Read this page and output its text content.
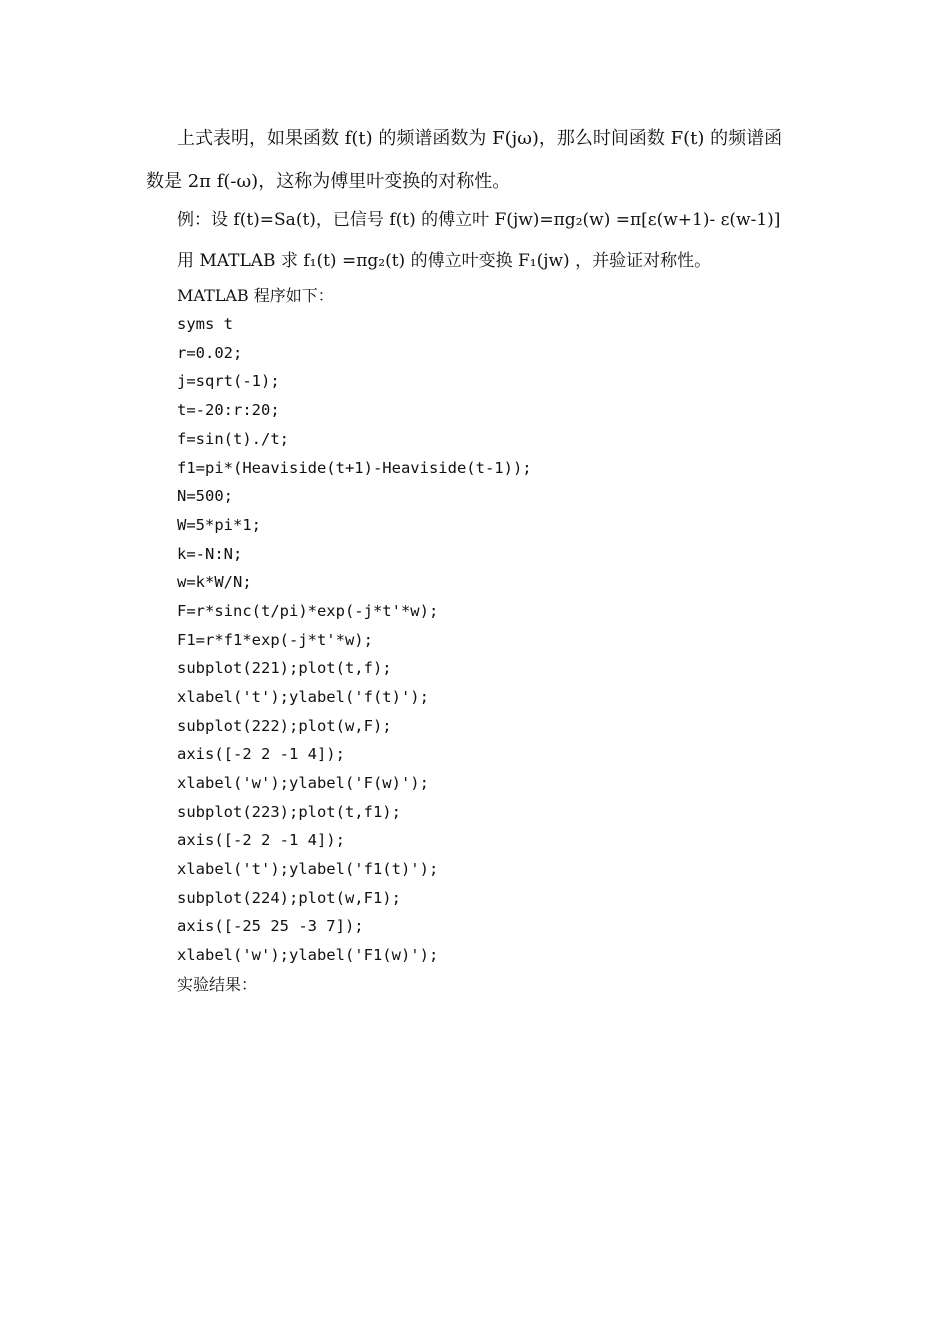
上式表明，如果函数 f(t) 的频谱函数为 F(jω)，那么时间函数 F(t) 的频谱函
数是 2π f(-ω)，这称为傅里叶变换的对称性。
例：设 f(t)=Sa(t)，已信号 f(t) 的傅立叶 F(jw)=πg₂(w) =π[ε(w+1)- ε(w-1)]
用 MATLAB 求 f₁(t) =πg₂(t) 的傅立叶变换 F₁(jw) ，并验证对称性。
MATLAB 程序如下：
syms t
r=0.02;
j=sqrt(-1);
t=-20:r:20;
f=sin(t)./t;
f1=pi*(Heaviside(t+1)-Heaviside(t-1));
N=500;
W=5*pi*1;
k=-N:N;
w=k*W/N;
F=r*sinc(t/pi)*exp(-j*t'*w);
F1=r*f1*exp(-j*t'*w);
subplot(221);plot(t,f);
xlabel('t');ylabel('f(t)');
subplot(222);plot(w,F);
axis([-2 2 -1 4]);
xlabel('w');ylabel('F(w)');
subplot(223);plot(t,f1);
axis([-2 2 -1 4]);
xlabel('t');ylabel('f1(t)');
subplot(224);plot(w,F1);
axis([-25 25 -3 7]);
xlabel('w');ylabel('F1(w)');
实验结果：
